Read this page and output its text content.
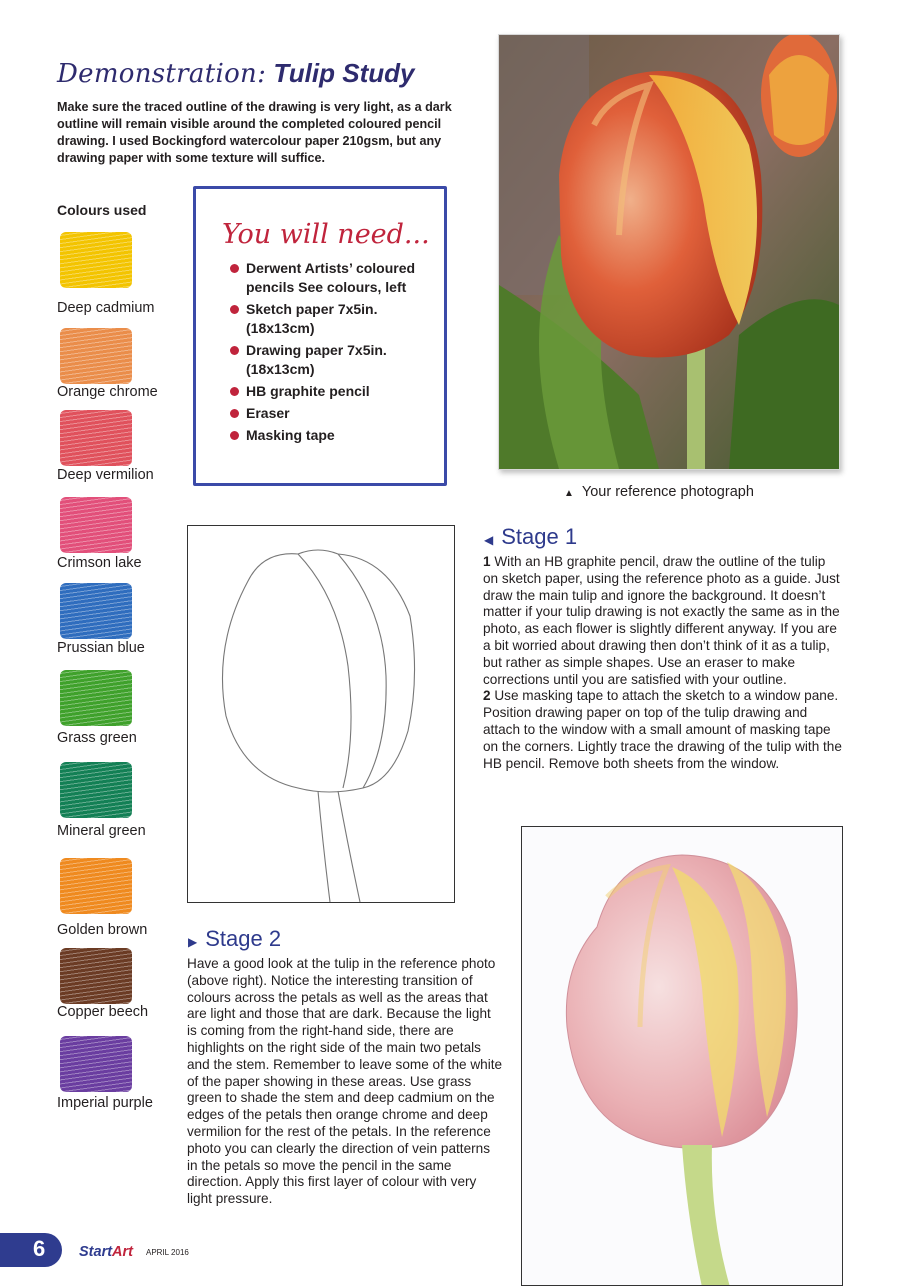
Demonstration: Tulip Study
Make sure the traced outline of the drawing is very light, as a dark outline will remain visible around the completed coloured pencil drawing. I used Bockingford watercolour paper 210gsm, but any drawing paper with some texture will suffice.
Colours used
Deep cadmium
Orange chrome
Deep vermilion
Crimson lake
Prussian blue
Grass green
Mineral green
Golden brown
Copper beech
Imperial purple
You will need...
Derwent Artists’ coloured pencils See colours, left
Sketch paper 7x5in. (18x13cm)
Drawing paper 7x5in. (18x13cm)
HB graphite pencil
Eraser
Masking tape
▲ Your reference photograph
◀ Stage 1
1 With an HB graphite pencil, draw the outline of the tulip on sketch paper, using the reference photo as a guide. Just draw the main tulip and ignore the background. It doesn’t matter if your tulip drawing is not exactly the same as in the photo, as each flower is slightly different anyway. If you are a bit worried about drawing then don’t think of it as a tulip, but rather as simple shapes. Use an eraser to make corrections until you are satisfied with your outline.
2 Use masking tape to attach the sketch to a window pane. Position drawing paper on top of the tulip drawing and attach to the window with a small amount of masking tape on the corners. Lightly trace the drawing of the tulip with the HB pencil. Remove both sheets from the window.
▶ Stage 2
Have a good look at the tulip in the reference photo (above right). Notice the interesting transition of colours across the petals as well as the areas that are light and those that are dark. Because the light is coming from the right-hand side, there are highlights on the right side of the main two petals and the stem. Remember to leave some of the white of the paper showing in these areas. Use grass green to shade the stem and deep cadmium on the edges of the petals then orange chrome and deep vermilion for the rest of the petals. In the reference photo you can clearly the direction of vein patterns in the petals so move the pencil in the same direction. Apply this first layer of colour with very light pressure.
6 StartArt APRIL 2016
